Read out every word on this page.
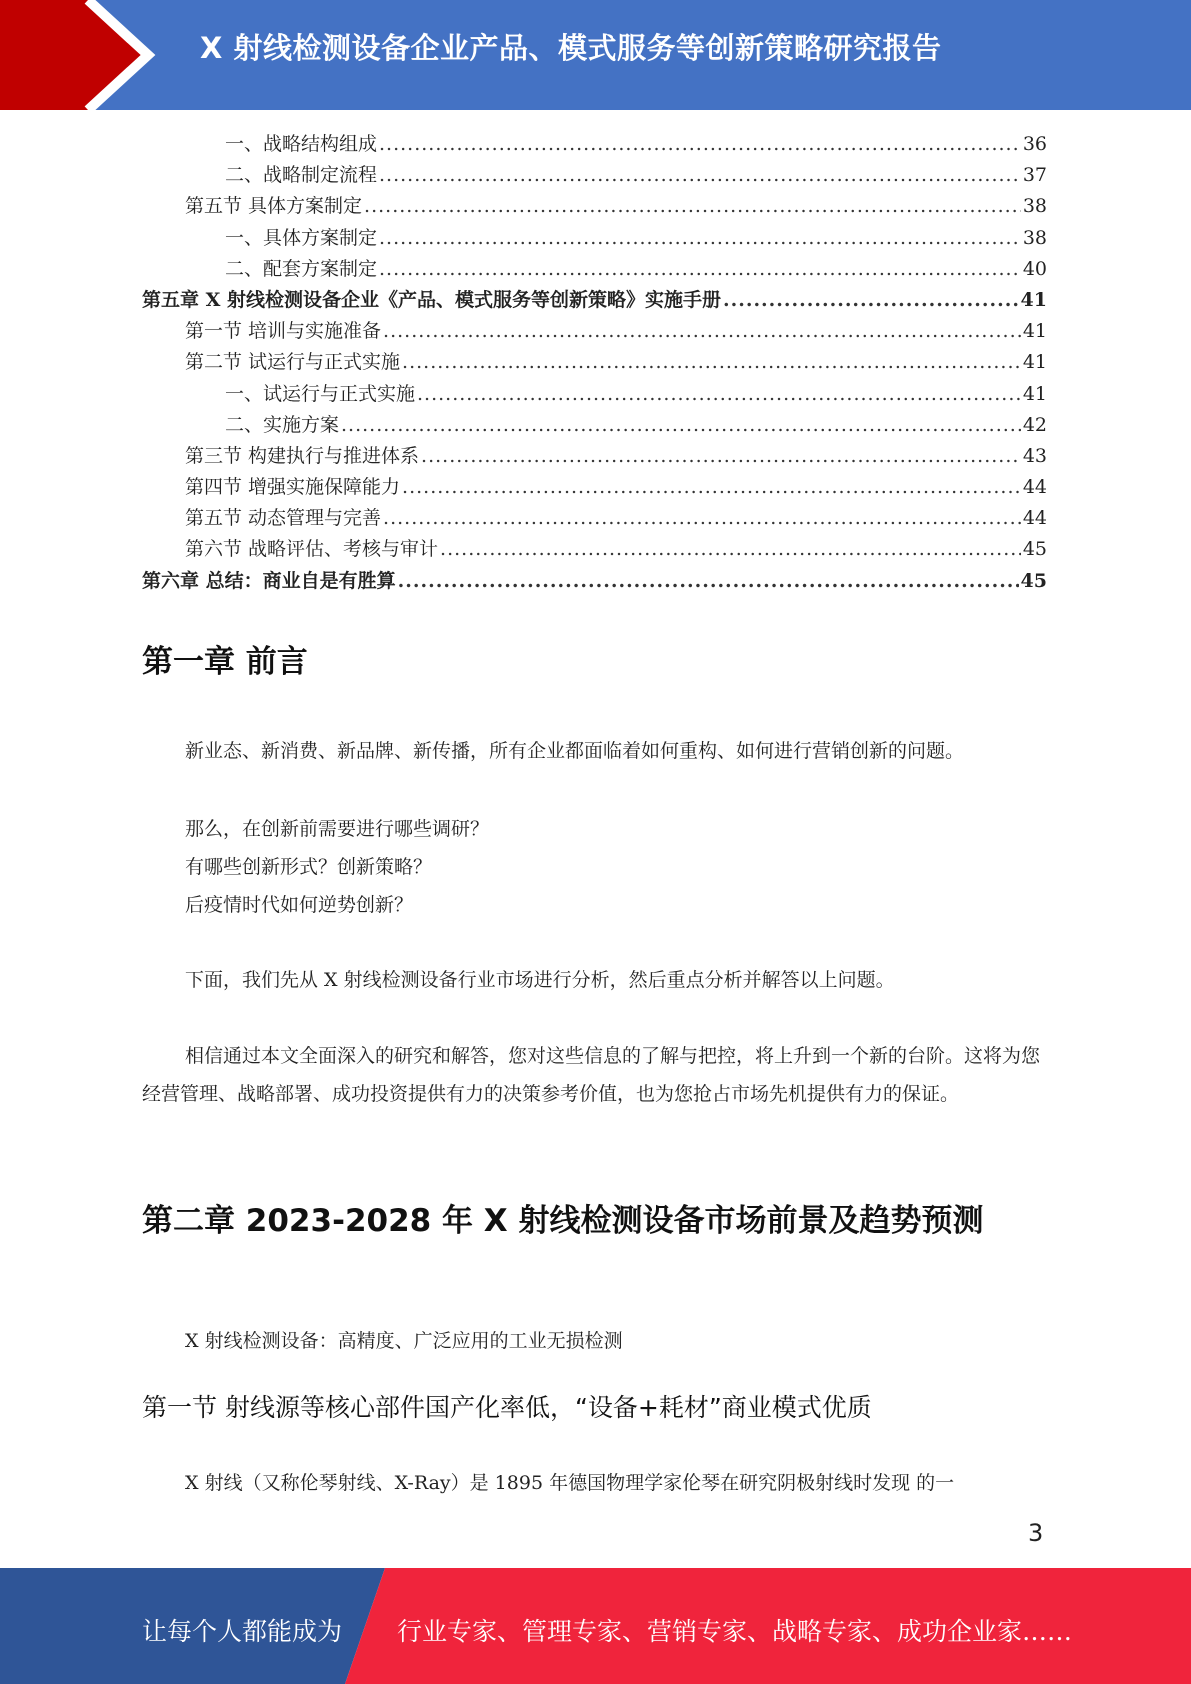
X 射线检测设备企业产品、模式服务等创新策略研究报告
一、战略结构组成 .....	36
二、战略制定流程 .....	37
第五节 具体方案制定 .....	38
一、具体方案制定 .....	38
二、配套方案制定 .....	40
第五章 X 射线检测设备企业《产品、模式服务等创新策略》实施手册 .....	41
第一节 培训与实施准备 .....	41
第二节 试运行与正式实施 .....	41
一、试运行与正式实施 .....	41
二、实施方案 .....	42
第三节 构建执行与推进体系 .....	43
第四节 增强实施保障能力 .....	44
第五节 动态管理与完善 .....	44
第六节 战略评估、考核与审计 .....	45
第六章 总结：商业自是有胜算 .....	45
第一章 前言
新业态、新消费、新品牌、新传播，所有企业都面临着如何重构、如何进行营销创新的问题。
那么，在创新前需要进行哪些调研？
有哪些创新形式？创新策略？
后疫情时代如何逆势创新？
下面，我们先从 X 射线检测设备行业市场进行分析，然后重点分析并解答以上问题。
相信通过本文全面深入的研究和解答，您对这些信息的了解与把控，将上升到一个新的台阶。这将为您经营管理、战略部署、成功投资提供有力的决策参考价值，也为您抢占市场先机提供有力的保证。
第二章 2023-2028 年 X 射线检测设备市场前景及趋势预测
X 射线检测设备：高精度、广泛应用的工业无损检测
第一节 射线源等核心部件国产化率低，“设备+耗材”商业模式优质
X 射线（又称伦琴射线、X-Ray）是 1895 年德国物理学家伦琴在研究阴极射线时发现 的一
3
让每个人都能成为 行业专家、管理专家、营销专家、战略专家、成功企业家……
